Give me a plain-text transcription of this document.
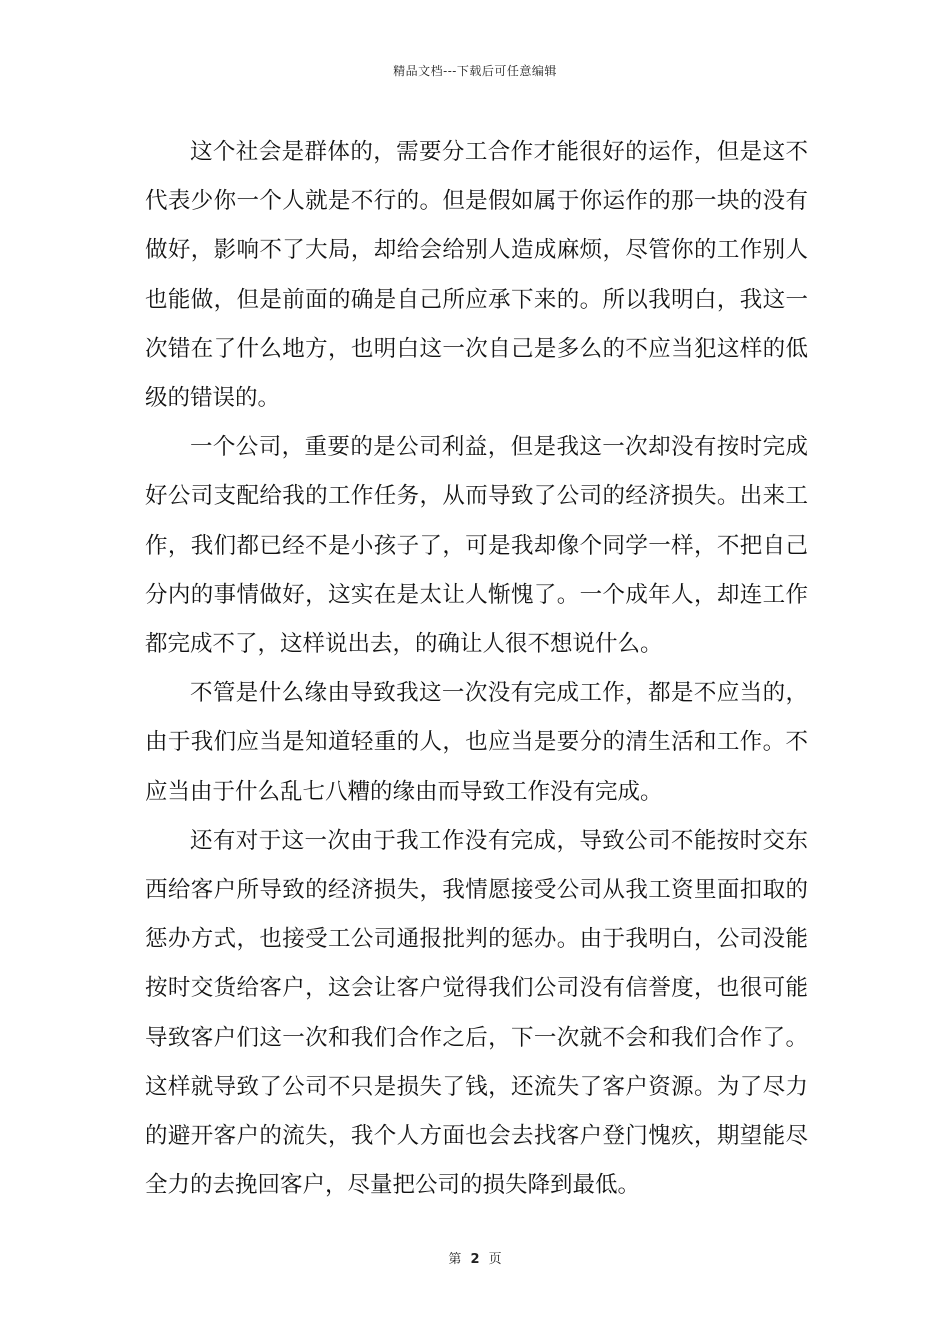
精品文档---下载后可任意编辑

这个社会是群体的，需要分工合作才能很好的运作，但是这不代表少你一个人就是不行的。但是假如属于你运作的那一块的没有做好，影响不了大局，却给会给别人造成麻烦，尽管你的工作别人也能做，但是前面的确是自己所应承下来的。所以我明白，我这一次错在了什么地方，也明白这一次自己是多么的不应当犯这样的低级的错误的。

一个公司，重要的是公司利益，但是我这一次却没有按时完成好公司支配给我的工作任务，从而导致了公司的经济损失。出来工作，我们都已经不是小孩子了，可是我却像个同学一样，不把自己分内的事情做好，这实在是太让人惭愧了。一个成年人，却连工作都完成不了，这样说出去，的确让人很不想说什么。

不管是什么缘由导致我这一次没有完成工作，都是不应当的，由于我们应当是知道轻重的人，也应当是要分的清生活和工作。不应当由于什么乱七八糟的缘由而导致工作没有完成。

还有对于这一次由于我工作没有完成，导致公司不能按时交东西给客户所导致的经济损失，我情愿接受公司从我工资里面扣取的惩办方式，也接受工公司通报批判的惩办。由于我明白，公司没能按时交货给客户，这会让客户觉得我们公司没有信誉度，也很可能导致客户们这一次和我们合作之后，下一次就不会和我们合作了。这样就导致了公司不只是损失了钱，还流失了客户资源。为了尽力的避开客户的流失，我个人方面也会去找客户登门愧疚，期望能尽全力的去挽回客户，尽量把公司的损失降到最低。

第 2 页
